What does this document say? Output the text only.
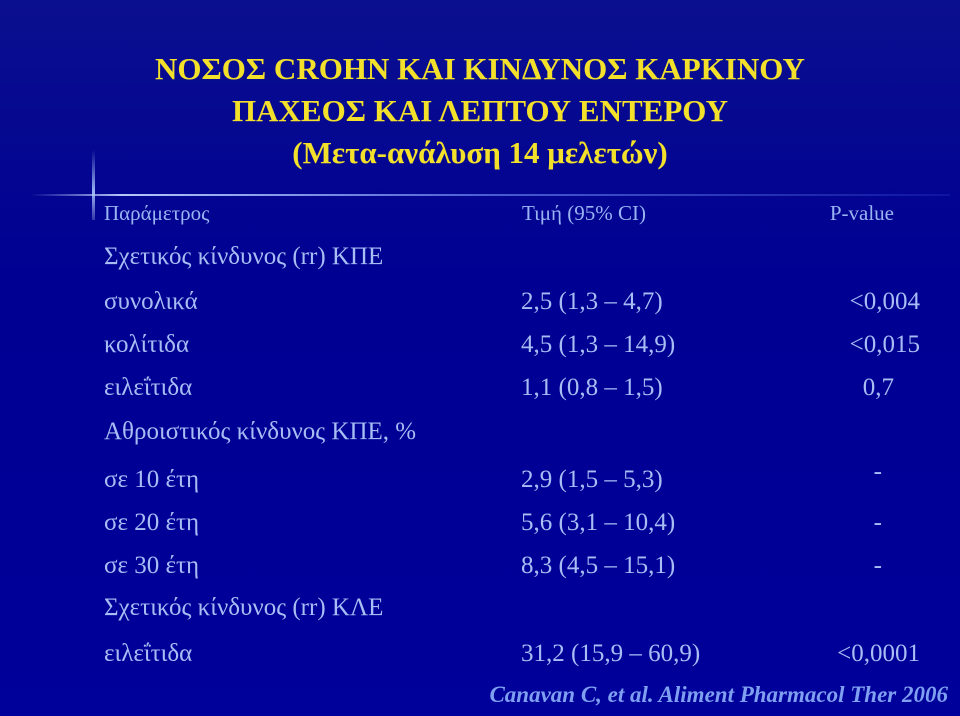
ΝΟΣΟΣ CROHN ΚΑΙ ΚΙΝΔΥΝΟΣ ΚΑΡΚΙΝΟΥ
ΠΑΧΕΟΣ ΚΑΙ ΛΕΠΤΟΥ ΕΝΤΕΡΟΥ
(Μετα-ανάλυση 14 μελετών)
Παράμετρος	Τιμή (95% CI)	P-value
Σχετικός κίνδυνος (rr) ΚΠΕ
συνολικά	2,5 (1,3 – 4,7)	<0,004
κολίτιδα	4,5 (1,3 – 14,9)	<0,015
ειλεΐτιδα	1,1 (0,8 – 1,5)	0,7
Αθροιστικός κίνδυνος ΚΠΕ, %
σε 10 έτη	2,9 (1,5 – 5,3)	-
σε 20 έτη	5,6 (3,1 – 10,4)	-
σε 30 έτη	8,3 (4,5 – 15,1)	-
Σχετικός κίνδυνος (rr) ΚΛΕ
ειλεΐτιδα	31,2 (15,9 – 60,9)	<0,0001
Canavan C, et al. Aliment Pharmacol Ther 2006
